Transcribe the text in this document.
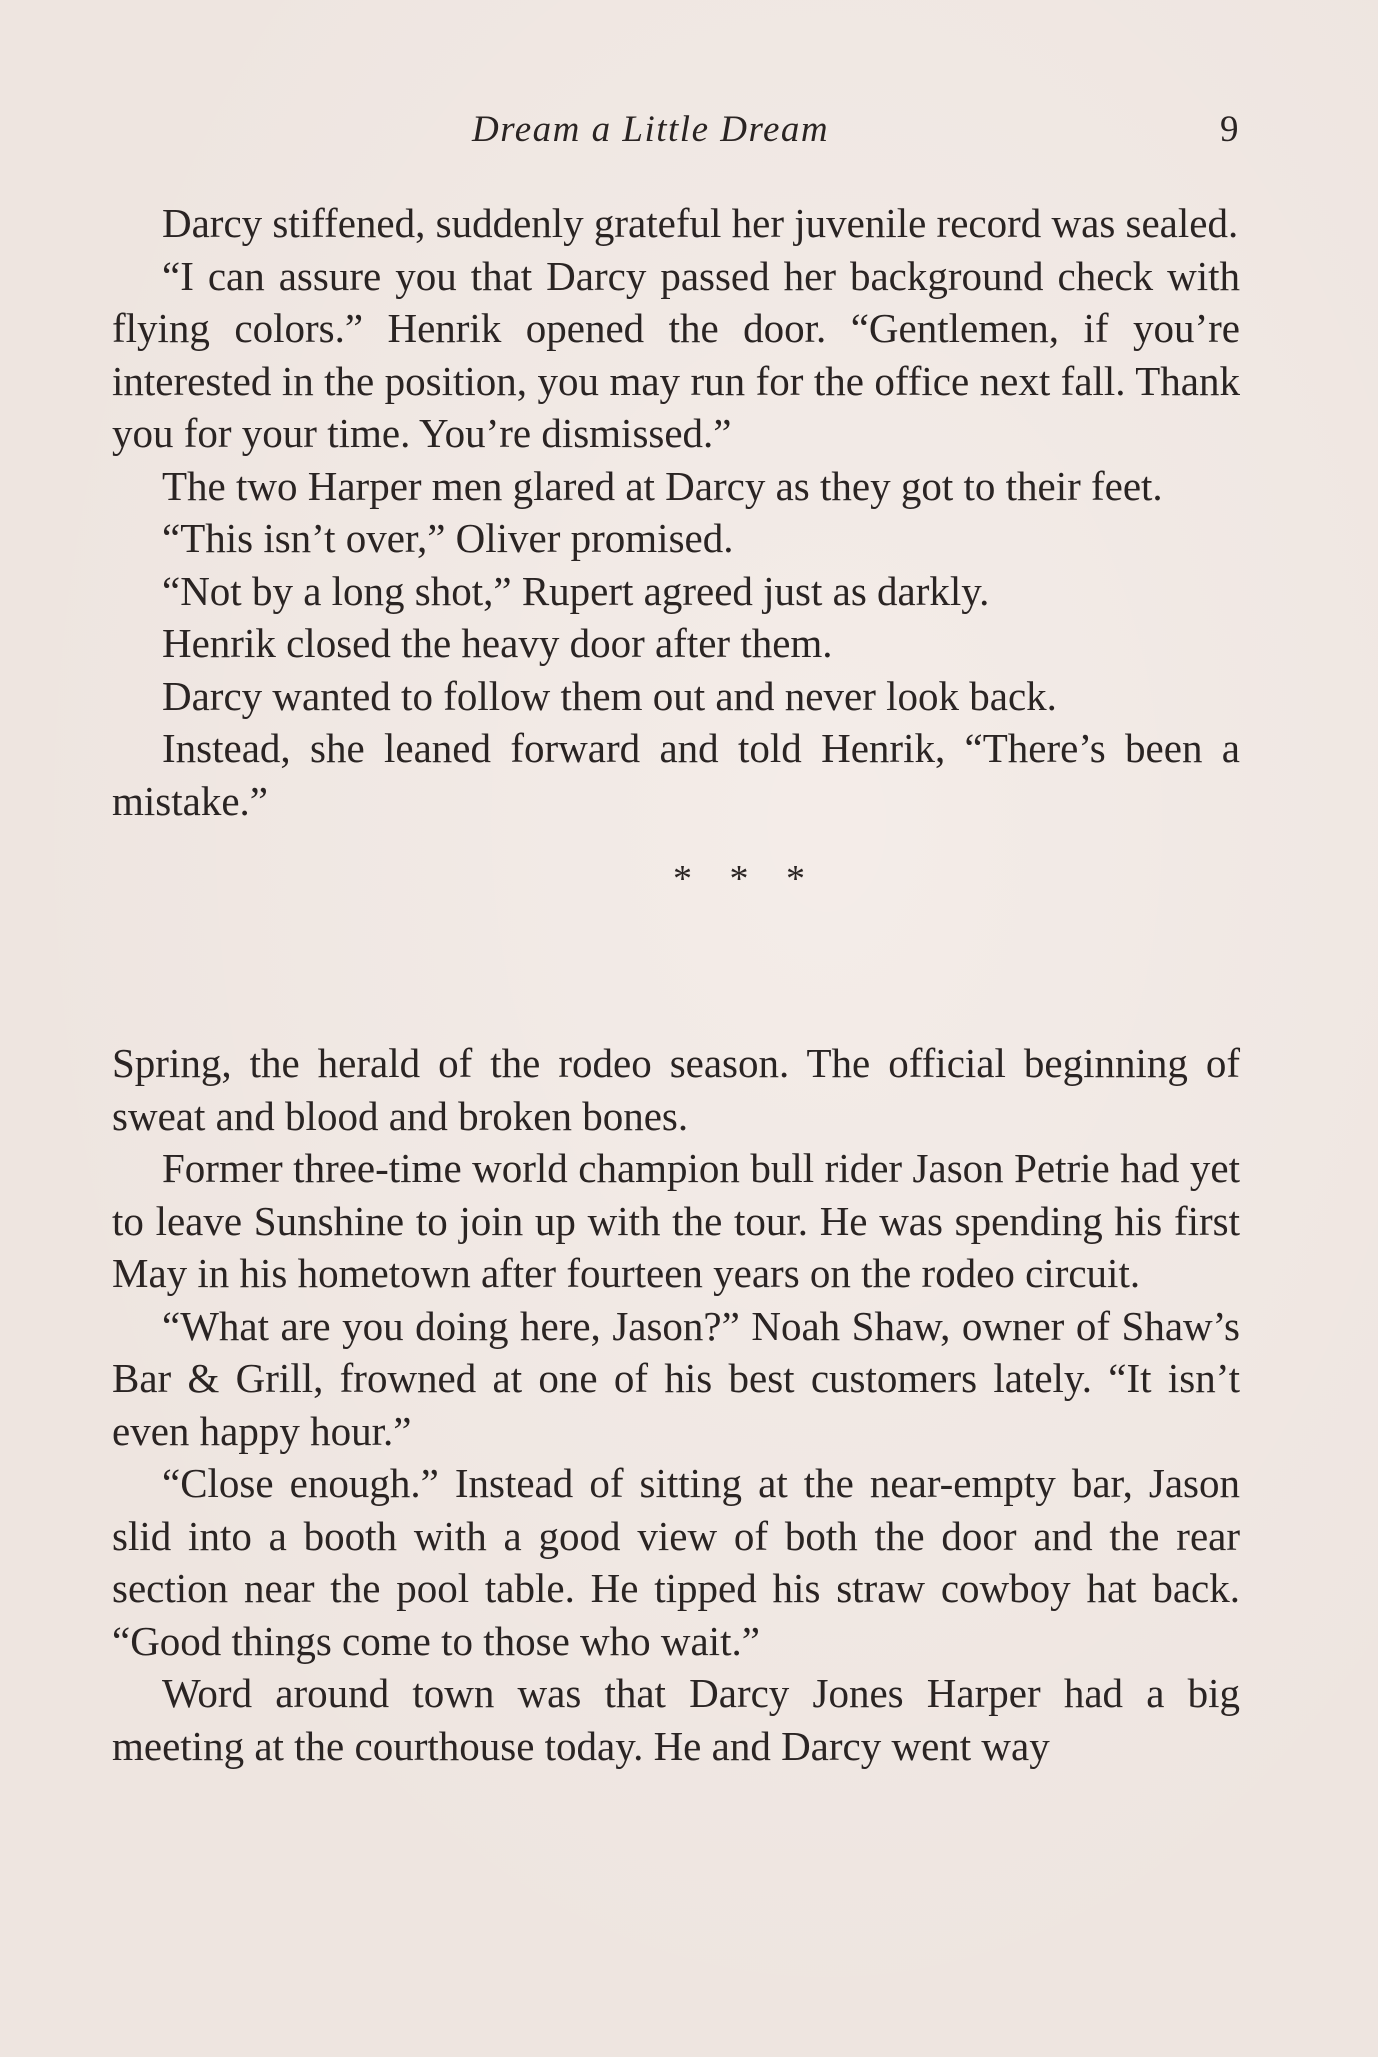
Dream a Little Dream	9

Darcy stiffened, suddenly grateful her juvenile record was sealed.

“I can assure you that Darcy passed her background check with flying colors.” Henrik opened the door. “Gentlemen, if you’re interested in the position, you may run for the office next fall. Thank you for your time. You’re dismissed.”

The two Harper men glared at Darcy as they got to their feet.

“This isn’t over,” Oliver promised.

“Not by a long shot,” Rupert agreed just as darkly.

Henrik closed the heavy door after them.

Darcy wanted to follow them out and never look back.

Instead, she leaned forward and told Henrik, “There’s been a mistake.”

* * *

Spring, the herald of the rodeo season. The official beginning of sweat and blood and broken bones.

Former three-time world champion bull rider Jason Petrie had yet to leave Sunshine to join up with the tour. He was spending his first May in his hometown after fourteen years on the rodeo circuit.

“What are you doing here, Jason?” Noah Shaw, owner of Shaw’s Bar & Grill, frowned at one of his best customers lately. “It isn’t even happy hour.”

“Close enough.” Instead of sitting at the near-empty bar, Jason slid into a booth with a good view of both the door and the rear section near the pool table. He tipped his straw cowboy hat back. “Good things come to those who wait.”

Word around town was that Darcy Jones Harper had a big meeting at the courthouse today. He and Darcy went way
